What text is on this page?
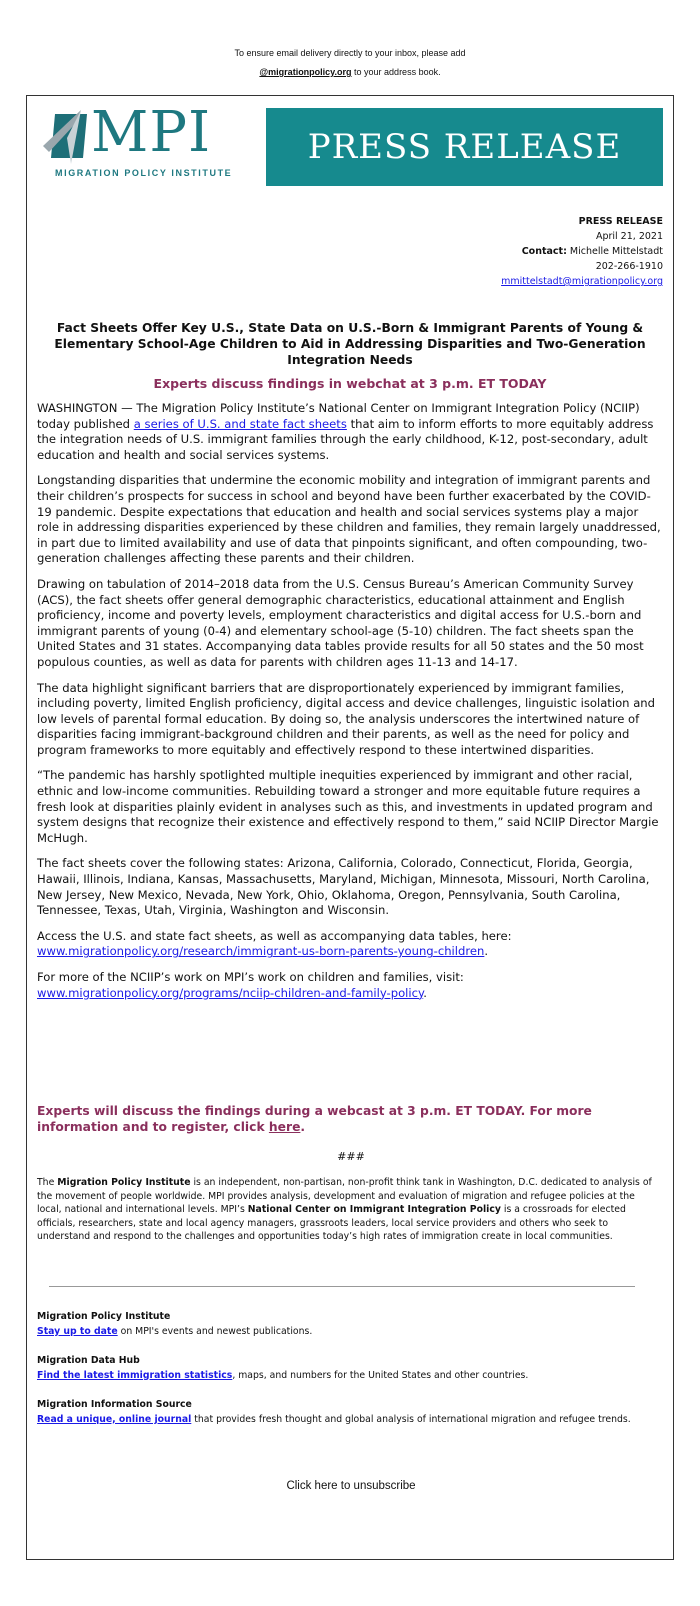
To ensure email delivery directly to your inbox, please add
@migrationpolicy.org to your address book.
MPI
MIGRATION POLICY INSTITUTE
PRESS RELEASE
PRESS RELEASE
April 21, 2021
Contact: Michelle Mittelstadt
202-266-1910
mmittelstadt@migrationpolicy.org
Fact Sheets Offer Key U.S., State Data on U.S.-Born & Immigrant Parents of Young & Elementary School-Age Children to Aid in Addressing Disparities and Two-Generation Integration Needs
Experts discuss findings in webchat at 3 p.m. ET TODAY

WASHINGTON — The Migration Policy Institute’s National Center on Immigrant Integration Policy (NCIIP) today published a series of U.S. and state fact sheets that aim to inform efforts to more equitably address the integration needs of U.S. immigrant families through the early childhood, K-12, post-secondary, adult education and health and social services systems.

Longstanding disparities that undermine the economic mobility and integration of immigrant parents and their children’s prospects for success in school and beyond have been further exacerbated by the COVID-19 pandemic. Despite expectations that education and health and social services systems play a major role in addressing disparities experienced by these children and families, they remain largely unaddressed, in part due to limited availability and use of data that pinpoints significant, and often compounding, two-generation challenges affecting these parents and their children.

Drawing on tabulation of 2014–2018 data from the U.S. Census Bureau’s American Community Survey (ACS), the fact sheets offer general demographic characteristics, educational attainment and English proficiency, income and poverty levels, employment characteristics and digital access for U.S.-born and immigrant parents of young (0-4) and elementary school-age (5-10) children. The fact sheets span the United States and 31 states. Accompanying data tables provide results for all 50 states and the 50 most populous counties, as well as data for parents with children ages 11-13 and 14-17.

The data highlight significant barriers that are disproportionately experienced by immigrant families, including poverty, limited English proficiency, digital access and device challenges, linguistic isolation and low levels of parental formal education. By doing so, the analysis underscores the intertwined nature of disparities facing immigrant-background children and their parents, as well as the need for policy and program frameworks to more equitably and effectively respond to these intertwined disparities.

“The pandemic has harshly spotlighted multiple inequities experienced by immigrant and other racial, ethnic and low-income communities. Rebuilding toward a stronger and more equitable future requires a fresh look at disparities plainly evident in analyses such as this, and investments in updated program and system designs that recognize their existence and effectively respond to them,” said NCIIP Director Margie McHugh.

The fact sheets cover the following states: Arizona, California, Colorado, Connecticut, Florida, Georgia, Hawaii, Illinois, Indiana, Kansas, Massachusetts, Maryland, Michigan, Minnesota, Missouri, North Carolina, New Jersey, New Mexico, Nevada, New York, Ohio, Oklahoma, Oregon, Pennsylvania, South Carolina, Tennessee, Texas, Utah, Virginia, Washington and Wisconsin.

Access the U.S. and state fact sheets, as well as accompanying data tables, here: www.migrationpolicy.org/research/immigrant-us-born-parents-young-children.

For more of the NCIIP’s work on MPI’s work on children and families, visit: www.migrationpolicy.org/programs/nciip-children-and-family-policy.

Experts will discuss the findings during a webcast at 3 p.m. ET TODAY. For more information and to register, click here.
###
The Migration Policy Institute is an independent, non-partisan, non-profit think tank in Washington, D.C. dedicated to analysis of the movement of people worldwide. MPI provides analysis, development and evaluation of migration and refugee policies at the local, national and international levels. MPI’s National Center on Immigrant Integration Policy is a crossroads for elected officials, researchers, state and local agency managers, grassroots leaders, local service providers and others who seek to understand and respond to the challenges and opportunities today’s high rates of immigration create in local communities.
Migration Policy Institute
Stay up to date on MPI's events and newest publications.
Migration Data Hub
Find the latest immigration statistics, maps, and numbers for the United States and other countries.
Migration Information Source
Read a unique, online journal that provides fresh thought and global analysis of international migration and refugee trends.
Click here to unsubscribe
